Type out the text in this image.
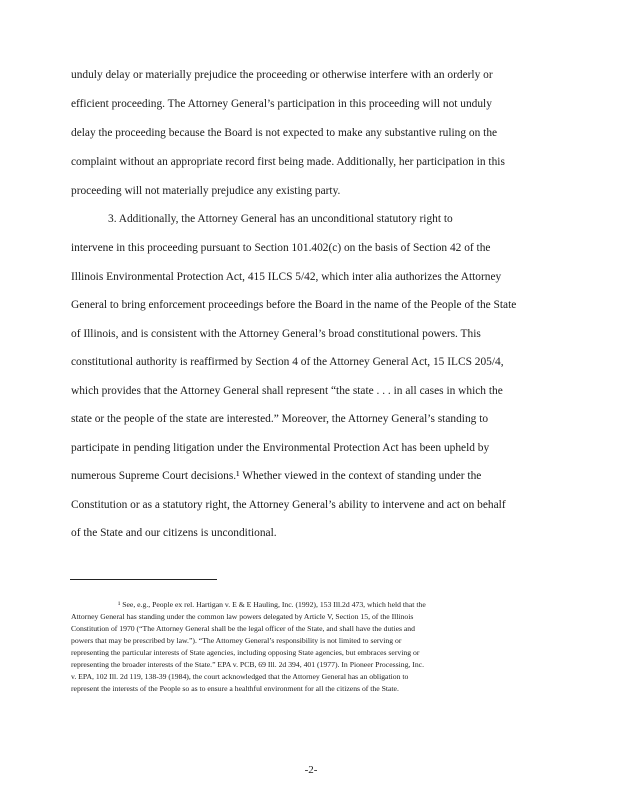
unduly delay or materially prejudice the proceeding or otherwise interfere with an orderly or
efficient proceeding. The Attorney General’s participation in this proceeding will not unduly
delay the proceeding because the Board is not expected to make any substantive ruling on the
complaint without an appropriate record first being made. Additionally, her participation in this
proceeding will not materially prejudice any existing party.
3. Additionally, the Attorney General has an unconditional statutory right to
intervene in this proceeding pursuant to Section 101.402(c) on the basis of Section 42 of the
Illinois Environmental Protection Act, 415 ILCS 5/42, which inter alia authorizes the Attorney
General to bring enforcement proceedings before the Board in the name of the People of the State
of Illinois, and is consistent with the Attorney General’s broad constitutional powers. This
constitutional authority is reaffirmed by Section 4 of the Attorney General Act, 15 ILCS 205/4,
which provides that the Attorney General shall represent “the state . . . in all cases in which the
state or the people of the state are interested.” Moreover, the Attorney General’s standing to
participate in pending litigation under the Environmental Protection Act has been upheld by
numerous Supreme Court decisions.¹ Whether viewed in the context of standing under the
Constitution or as a statutory right, the Attorney General’s ability to intervene and act on behalf
of the State and our citizens is unconditional.
¹ See, e.g., People ex rel. Hartigan v. E & E Hauling, Inc. (1992), 153 Ill.2d 473, which held that the
Attorney General has standing under the common law powers delegated by Article V, Section 15, of the Illinois
Constitution of 1970 (“The Attorney General shall be the legal officer of the State, and shall have the duties and
powers that may be prescribed by law.”). “The Attorney General’s responsibility is not limited to serving or
representing the particular interests of State agencies, including opposing State agencies, but embraces serving or
representing the broader interests of the State.” EPA v. PCB, 69 Ill. 2d 394, 401 (1977). In Pioneer Processing, Inc.
v. EPA, 102 Ill. 2d 119, 138-39 (1984), the court acknowledged that the Attorney General has an obligation to
represent the interests of the People so as to ensure a healthful environment for all the citizens of the State.
-2-
